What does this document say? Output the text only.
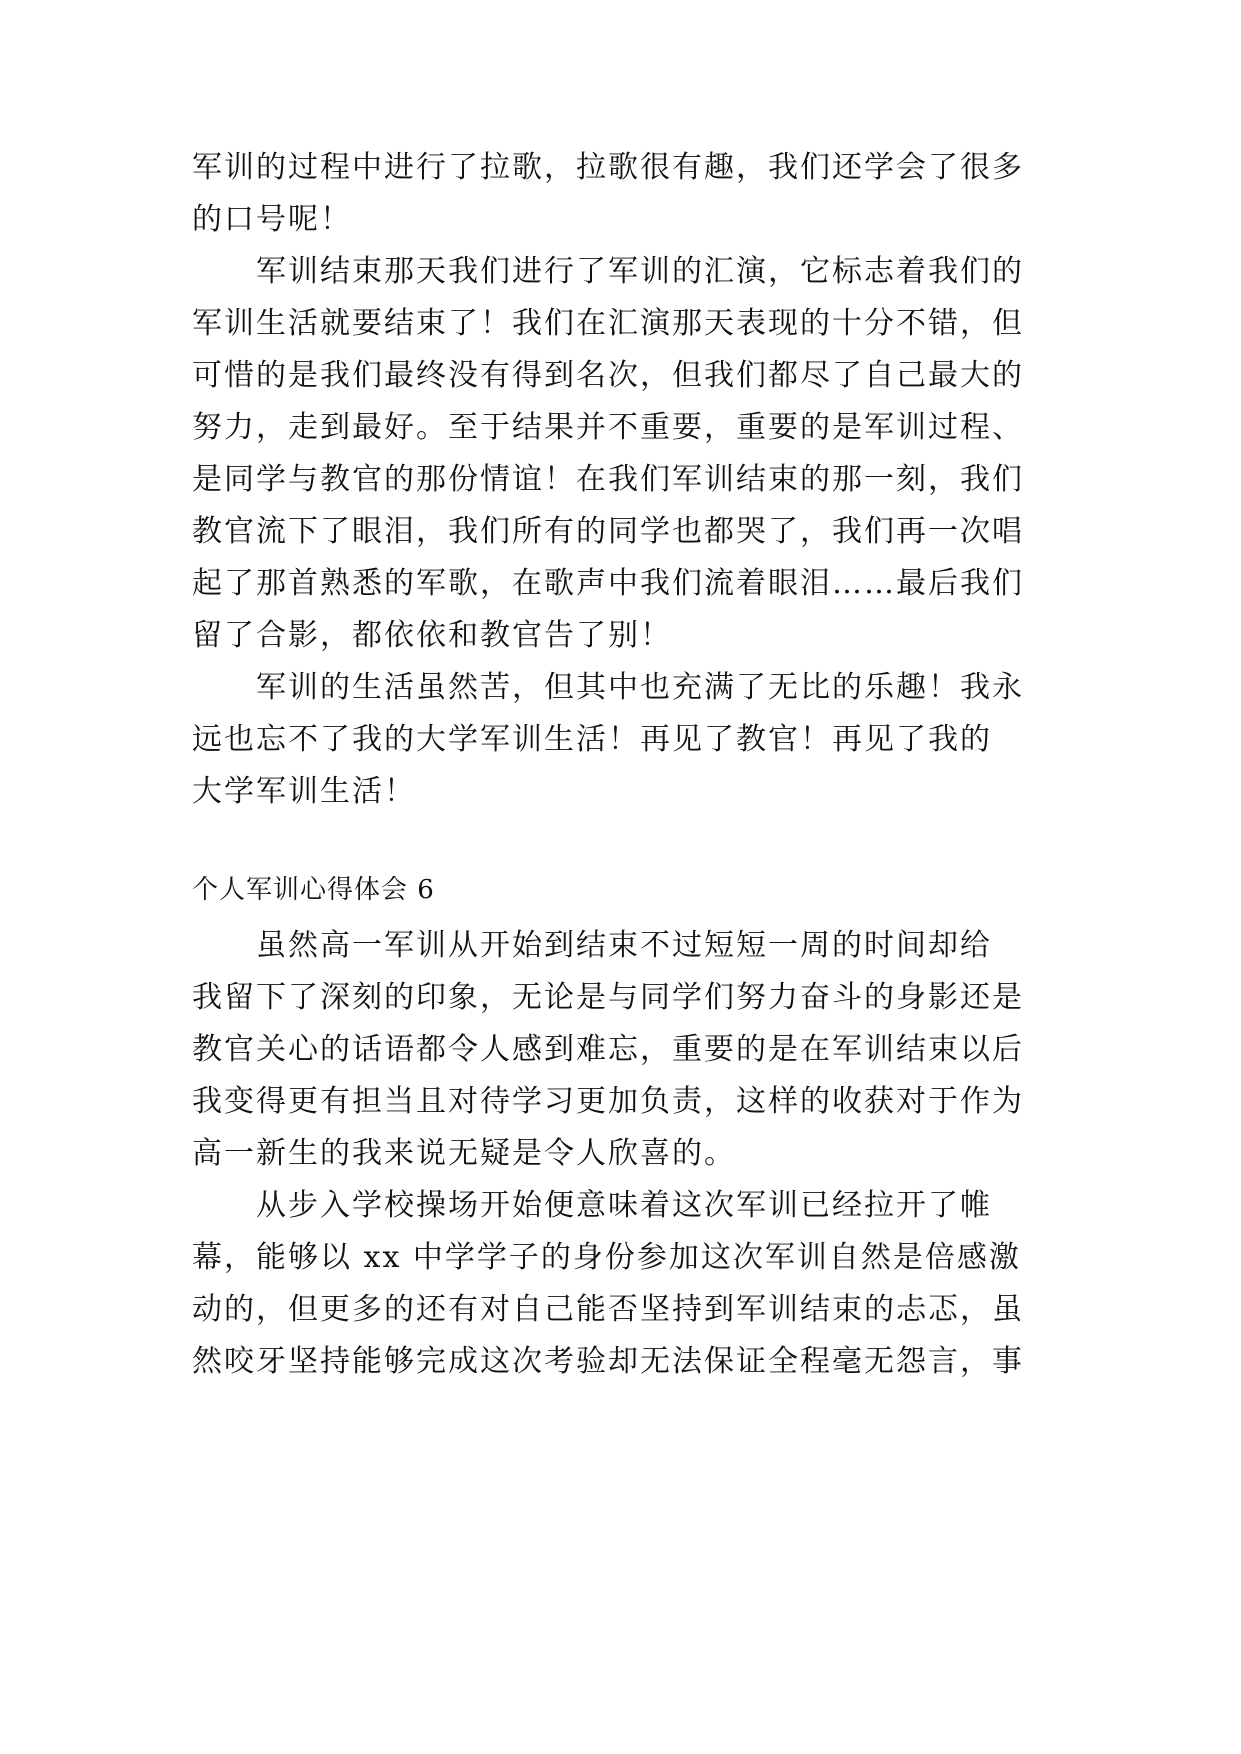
军训的过程中进行了拉歌，拉歌很有趣，我们还学会了很多
的口号呢！
　　军训结束那天我们进行了军训的汇演，它标志着我们的
军训生活就要结束了！我们在汇演那天表现的十分不错，但
可惜的是我们最终没有得到名次，但我们都尽了自己最大的
努力，走到最好。至于结果并不重要，重要的是军训过程、
是同学与教官的那份情谊！在我们军训结束的那一刻，我们
教官流下了眼泪，我们所有的同学也都哭了，我们再一次唱
起了那首熟悉的军歌，在歌声中我们流着眼泪……最后我们
留了合影，都依依和教官告了别！
　　军训的生活虽然苦，但其中也充满了无比的乐趣！我永
远也忘不了我的大学军训生活！再见了教官！再见了我的
大学军训生活！
个人军训心得体会 6
　　虽然高一军训从开始到结束不过短短一周的时间却给
我留下了深刻的印象，无论是与同学们努力奋斗的身影还是
教官关心的话语都令人感到难忘，重要的是在军训结束以后
我变得更有担当且对待学习更加负责，这样的收获对于作为
高一新生的我来说无疑是令人欣喜的。
　　从步入学校操场开始便意味着这次军训已经拉开了帷
幕，能够以 xx 中学学子的身份参加这次军训自然是倍感激
动的，但更多的还有对自己能否坚持到军训结束的忐忑，虽
然咬牙坚持能够完成这次考验却无法保证全程毫无怨言，事
